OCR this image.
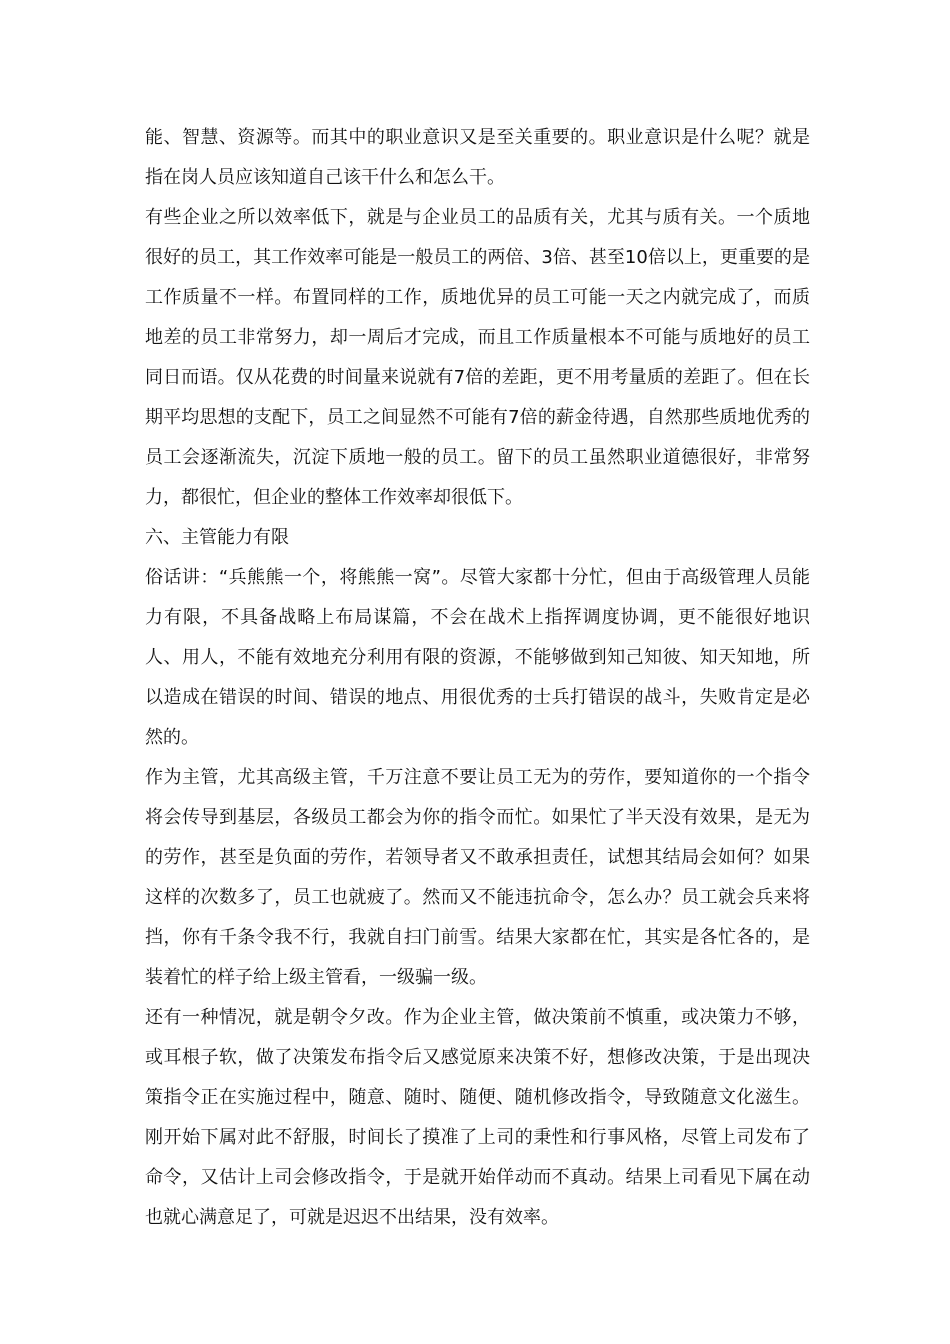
能、智慧、资源等。而其中的职业意识又是至关重要的。职业意识是什么呢？就是指在岗人员应该知道自己该干什么和怎么干。

有些企业之所以效率低下，就是与企业员工的品质有关，尤其与质有关。一个质地很好的员工，其工作效率可能是一般员工的两倍、3倍、甚至10倍以上，更重要的是工作质量不一样。布置同样的工作，质地优异的员工可能一天之内就完成了，而质地差的员工非常努力，却一周后才完成，而且工作质量根本不可能与质地好的员工同日而语。仅从花费的时间量来说就有7倍的差距，更不用考量质的差距了。但在长期平均思想的支配下，员工之间显然不可能有7倍的薪金待遇，自然那些质地优秀的员工会逐渐流失，沉淀下质地一般的员工。留下的员工虽然职业道德很好，非常努力，都很忙，但企业的整体工作效率却很低下。

六、主管能力有限

俗话讲：“兵熊熊一个，将熊熊一窝”。尽管大家都十分忙，但由于高级管理人员能力有限，不具备战略上布局谋篇，不会在战术上指挥调度协调，更不能很好地识人、用人，不能有效地充分利用有限的资源，不能够做到知己知彼、知天知地，所以造成在错误的时间、错误的地点、用很优秀的士兵打错误的战斗，失败肯定是必然的。

作为主管，尤其高级主管，千万注意不要让员工无为的劳作，要知道你的一个指令将会传导到基层，各级员工都会为你的指令而忙。如果忙了半天没有效果，是无为的劳作，甚至是负面的劳作，若领导者又不敢承担责任，试想其结局会如何？如果这样的次数多了，员工也就疲了。然而又不能违抗命令，怎么办？员工就会兵来将挡，你有千条令我不行，我就自扫门前雪。结果大家都在忙，其实是各忙各的，是装着忙的样子给上级主管看，一级骗一级。

还有一种情况，就是朝令夕改。作为企业主管，做决策前不慎重，或决策力不够，或耳根子软，做了决策发布指令后又感觉原来决策不好，想修改决策，于是出现决策指令正在实施过程中，随意、随时、随便、随机修改指令，导致随意文化滋生。刚开始下属对此不舒服，时间长了摸准了上司的秉性和行事风格，尽管上司发布了命令，又估计上司会修改指令，于是就开始佯动而不真动。结果上司看见下属在动也就心满意足了，可就是迟迟不出结果，没有效率。
